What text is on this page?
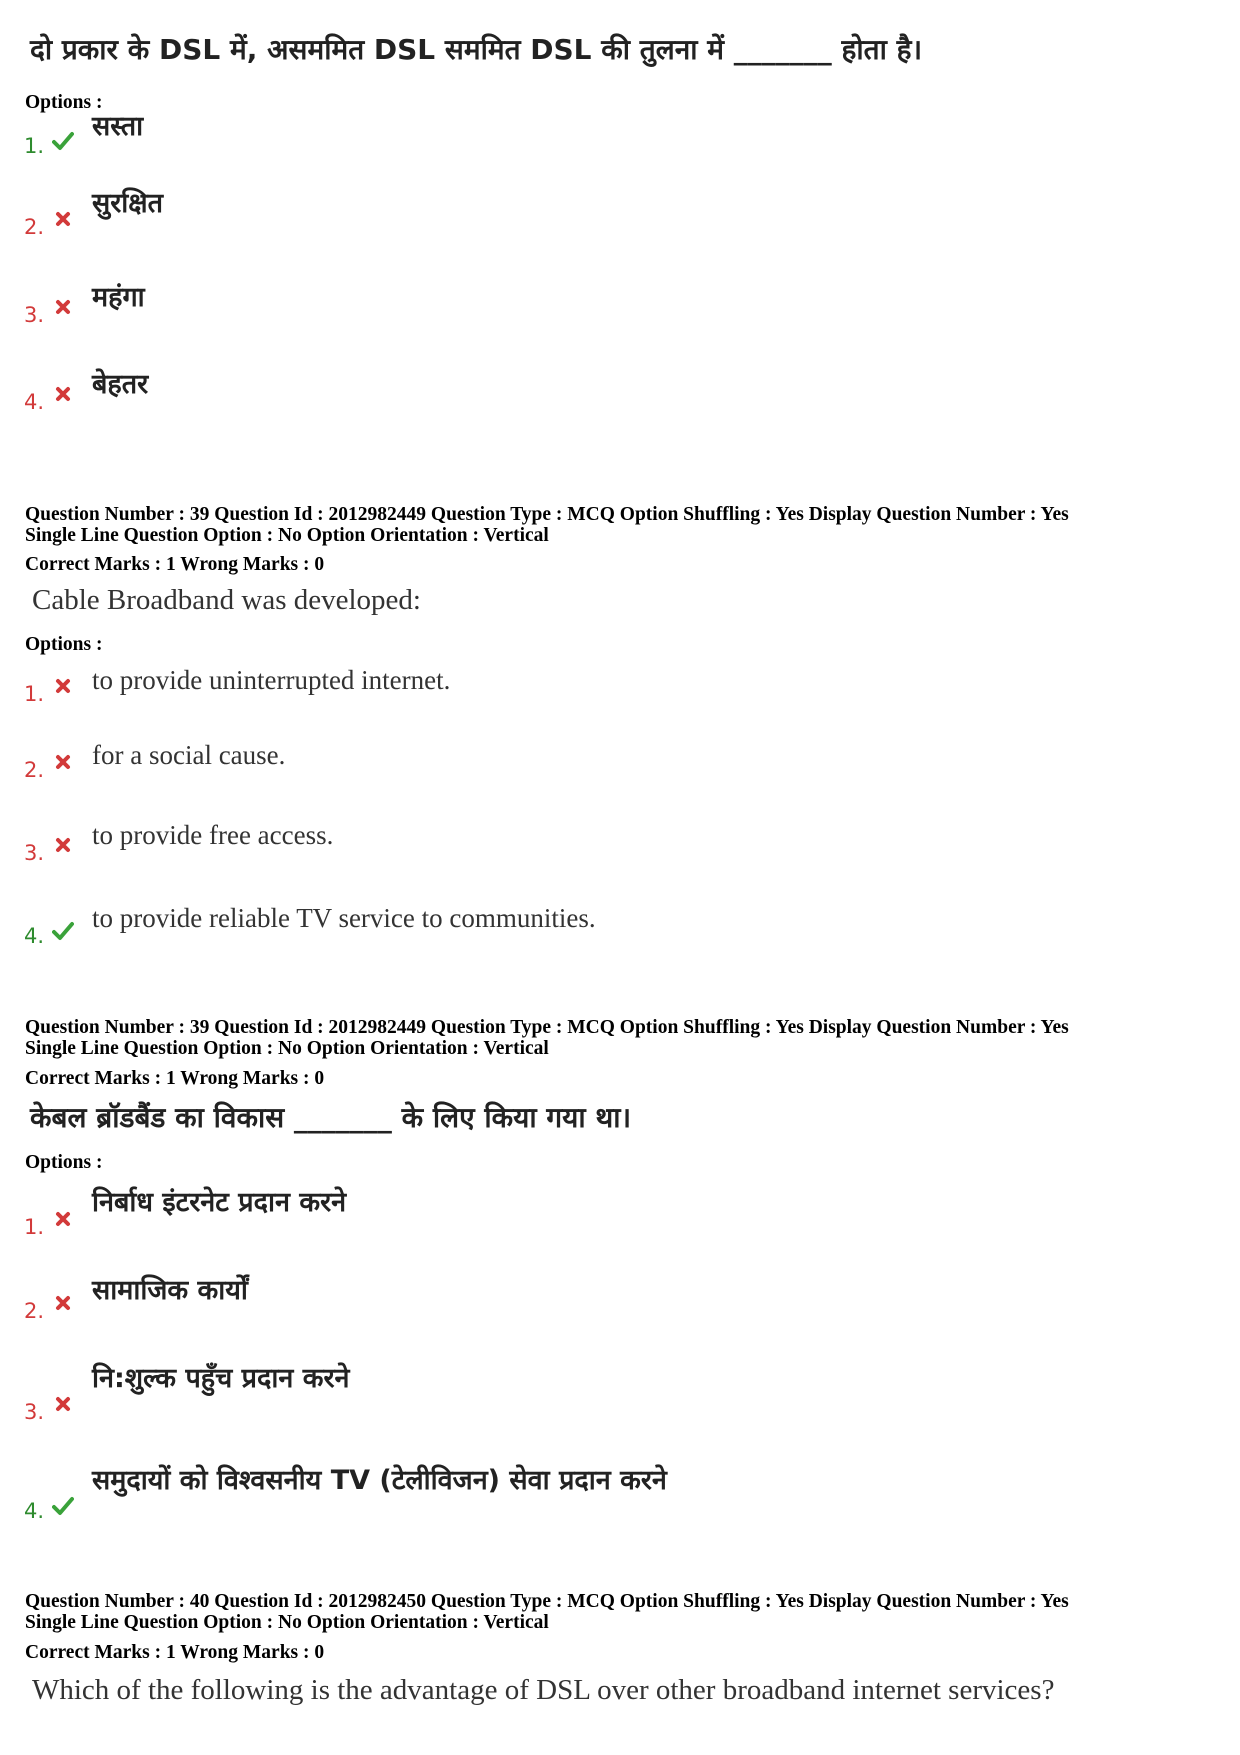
दो प्रकार के DSL में, असममित DSL सममित DSL की तुलना में _______ होता है।
Options :
1.
सस्ता
2.
सुरक्षित
3.
महंगा
4.
बेहतर
Question Number : 39 Question Id : 2012982449 Question Type : MCQ Option Shuffling : Yes Display Question Number : Yes
Single Line Question Option : No Option Orientation : Vertical
Correct Marks : 1 Wrong Marks : 0
Cable Broadband was developed:
Options :
1. to provide uninterrupted internet.
2. for a social cause.
3.
to provide free access.
4.
to provide reliable TV service to communities.
Question Number : 39 Question Id : 2012982449 Question Type : MCQ Option Shuffling : Yes Display Question Number : Yes
Single Line Question Option : No Option Orientation : Vertical
Correct Marks : 1 Wrong Marks : 0
केबल ब्रॉडबैंड का विकास _______ के लिए किया गया था।
Options :
1.
निर्बाध इंटरनेट प्रदान करने
2.
सामाजिक कार्यों
3.
नि:शुल्क पहुँच प्रदान करने
4.
समुदायों को विश्वसनीय TV (टेलीविजन) सेवा प्रदान करने
Question Number : 40 Question Id : 2012982450 Question Type : MCQ Option Shuffling : Yes Display Question Number : Yes
Single Line Question Option : No Option Orientation : Vertical
Correct Marks : 1 Wrong Marks : 0
Which of the following is the advantage of DSL over other broadband internet services?
